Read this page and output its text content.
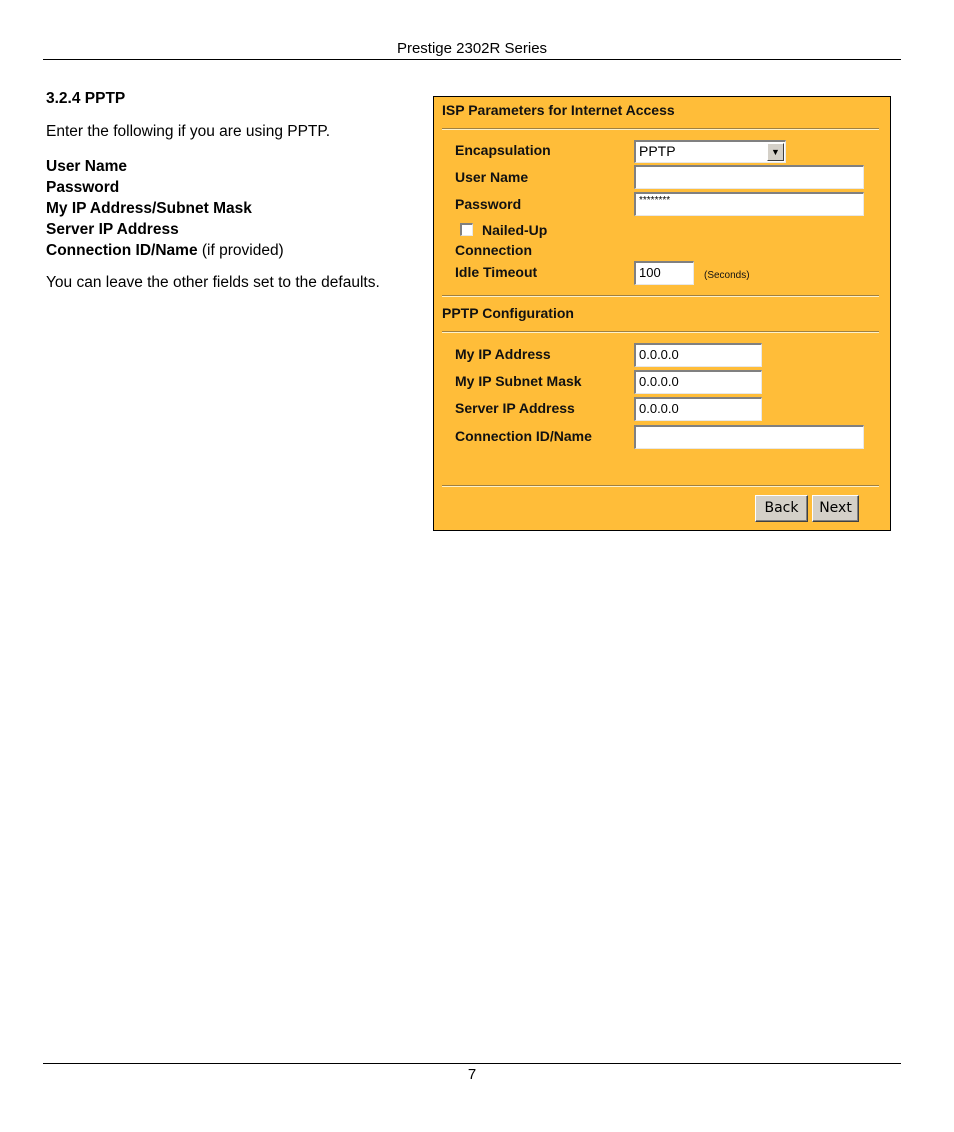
Prestige 2302R Series
3.2.4 PPTP
Enter the following if you are using PPTP.
User Name
Password
My IP Address/Subnet Mask
Server IP Address
Connection ID/Name (if provided)
You can leave the other fields set to the defaults.
ISP Parameters for Internet Access
Encapsulation	PPTP	▼
User Name
Password	********
Nailed-Up
Connection
Idle Timeout	100	(Seconds)
PPTP Configuration
My IP Address	0.0.0.0
My IP Subnet Mask	0.0.0.0
Server IP Address	0.0.0.0
Connection ID/Name
Back	Next
7
